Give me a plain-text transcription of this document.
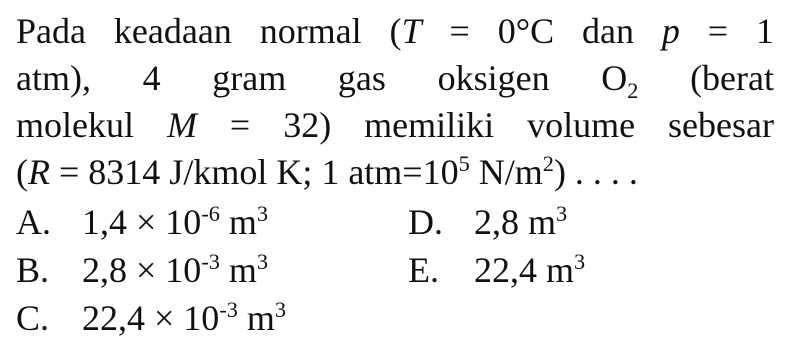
Pada keadaan normal (T = 0°C dan p = 1
atm), 4 gram gas oksigen $O_2$ (berat
molekul M = 32) memiliki volume sebesar
(R = 8314 J/kmol K; 1 $atm=10^5$ $N/m^2$) . . . .
A. $1,4 \times 10^{-6}$ $m^3$	D. 2,8 $m^3$
B. $2,8 \times 10^{-3}$ $m^3$	E. 22,4 $m^3$
C. $22,4 \times 10^{-3}$ $m^3$
